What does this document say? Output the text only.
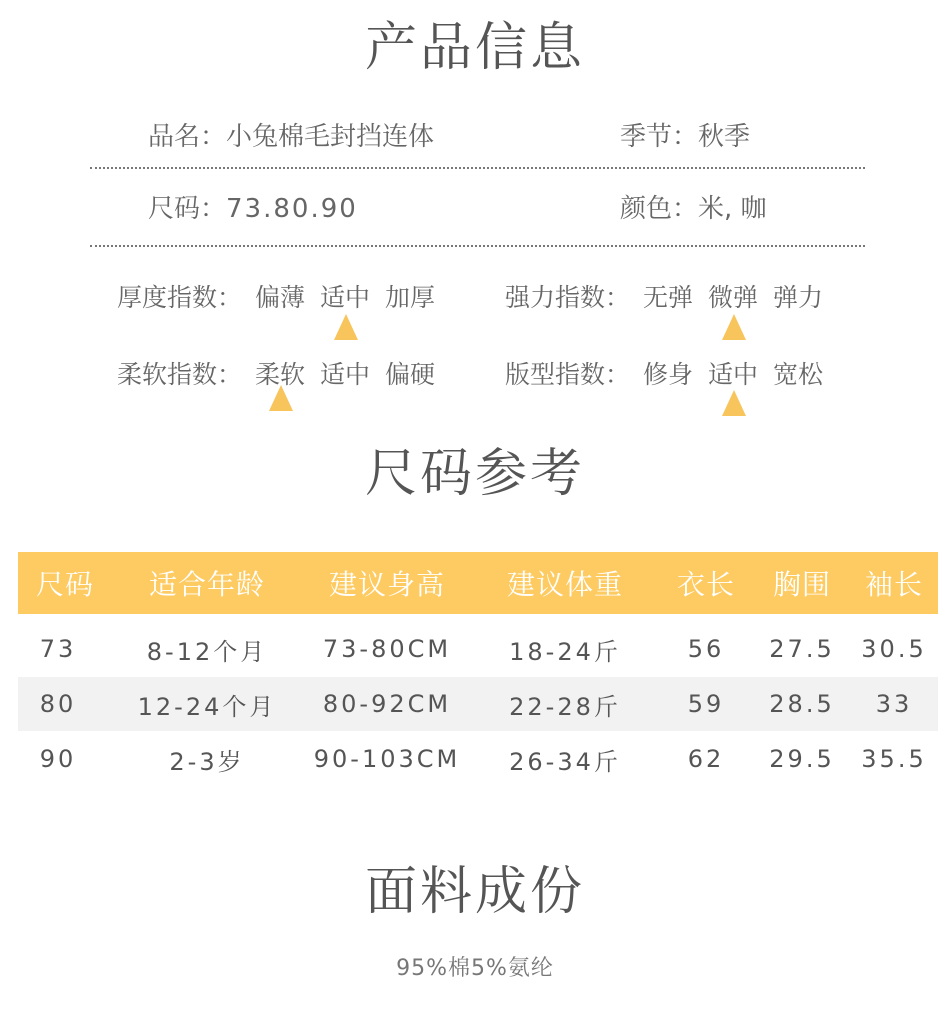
产品信息
品名：小兔棉毛封挡连体	季节：秋季
尺码：73.80.90	颜色：米, 咖
厚度指数： 偏薄 适中 加厚	强力指数： 无弹 微弹 弹力
柔软指数： 柔软 适中 偏硬	版型指数： 修身 适中 宽松
尺码参考
尺码	适合年龄	建议身高	建议体重	衣长	胸围	袖长
73	8-12个月	73-80CM	18-24斤	56	27.5	30.5
80	12-24个月	80-92CM	22-28斤	59	28.5	33
90	2-3岁	90-103CM	26-34斤	62	29.5	35.5
面料成份
95%棉5%氨纶
